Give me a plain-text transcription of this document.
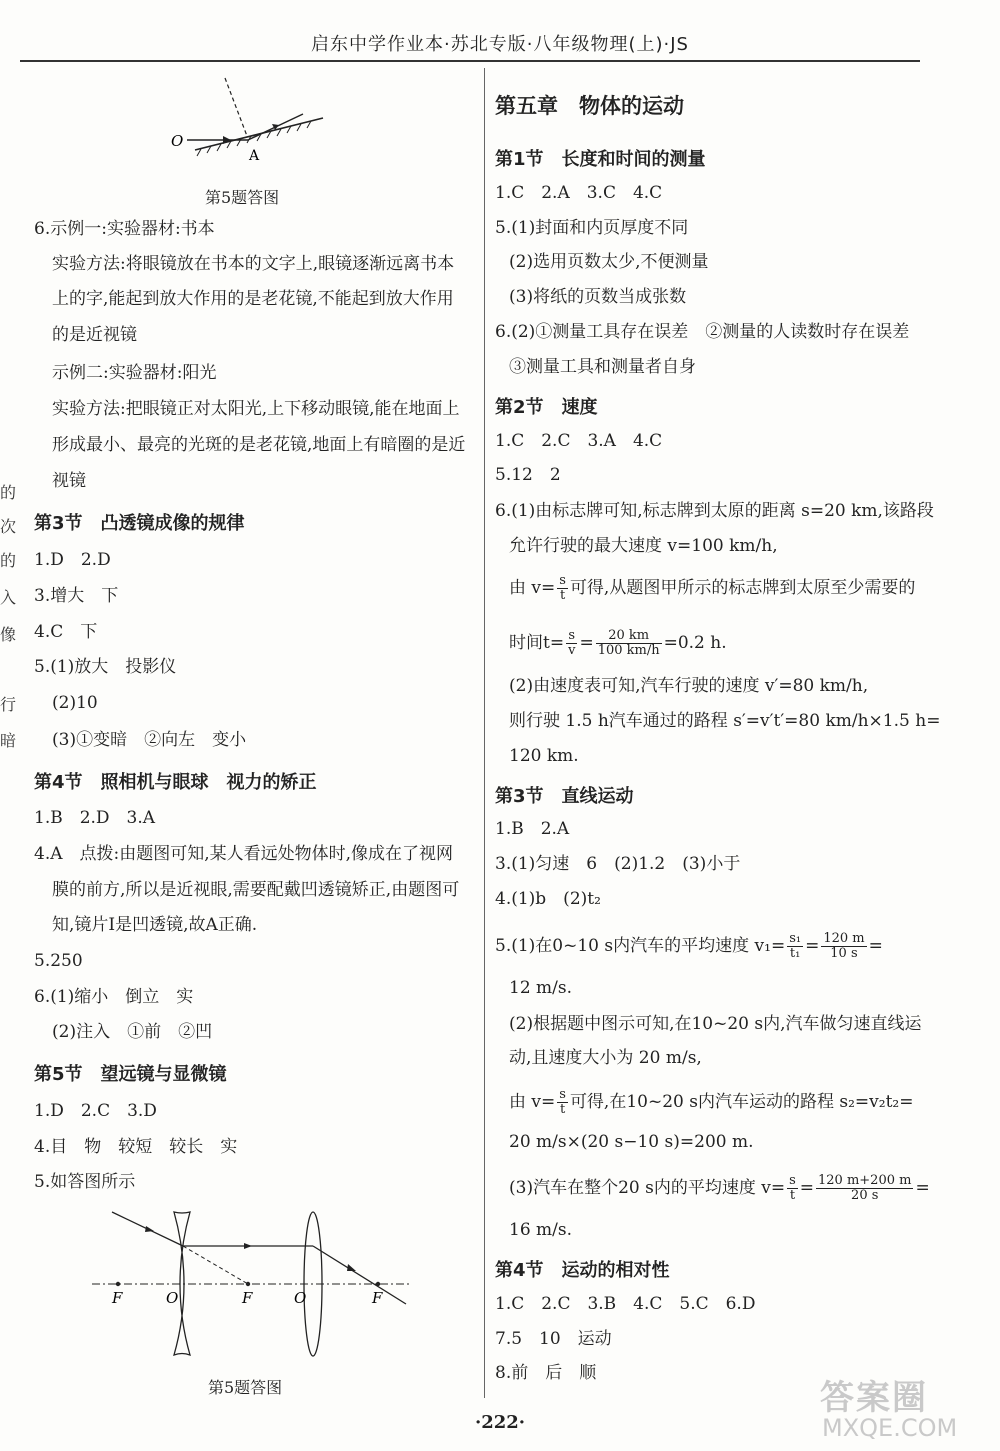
启东中学作业本·苏北专版·八年级物理(上)·JS
的
次
的
入
像
行
暗
O
A
第5题答图
6.示例一:实验器材:书本
实验方法:将眼镜放在书本的文字上,眼镜逐渐远离书本
上的字,能起到放大作用的是老花镜,不能起到放大作用
的是近视镜
示例二:实验器材:阳光
实验方法:把眼镜正对太阳光,上下移动眼镜,能在地面上
形成最小、最亮的光斑的是老花镜,地面上有暗圈的是近
视镜
第3节　凸透镜成像的规律
1.D　2.D
3.增大　下
4.C　下
5.(1)放大　投影仪
(2)10
(3)①变暗　②向左　变小
第4节　照相机与眼球　视力的矫正
1.B　2.D　3.A
4.A　点拨:由题图可知,某人看远处物体时,像成在了视网
膜的前方,所以是近视眼,需要配戴凹透镜矫正,由题图可
知,镜片Ⅰ是凹透镜,故A正确.
5.250
6.(1)缩小　倒立　实
(2)注入　①前　②凹
第5节　望远镜与显微镜
1.D　2.C　3.D
4.目　物　较短　较长　实
5.如答图所示
F	O	F	O	F
第5题答图
第五章　物体的运动
第1节　长度和时间的测量
1.C　2.A　3.C　4.C
5.(1)封面和内页厚度不同
(2)选用页数太少,不便测量
(3)将纸的页数当成张数
6.(2)①测量工具存在误差　②测量的人读数时存在误差
③测量工具和测量者自身
第2节　速度
1.C　2.C　3.A　4.C
5.12　2
6.(1)由标志牌可知,标志牌到太原的距离 s=20 km,该路段
允许行驶的最大速度 v=100 km/h,
由 $v= \frac{s}{t}$ 可得,从题图甲所示的标志牌到太原至少需要的
时间$t= \frac{s}{v} = \frac{20 km}{100 km/h} =0.2$ h.
(2)由速度表可知,汽车行驶的速度 v′=80 km/h,
则行驶 1.5 h汽车通过的路程 s′=v′t′=80 km/h×1.5 h=
120 km.
第3节　直线运动
1.B　2.A
3.(1)匀速　6　(2)1.2　(3)小于
4.(1)b　(2)t₂
5.(1)在0~10 s内汽车的平均速度 $v_1= \frac{\text{s₁}}{\text{t₁}} = \frac{120 m}{10 s}$ =
12 m/s.
(2)根据题中图示可知,在10~20 s内,汽车做匀速直线运
动,且速度大小为 20 m/s,
由 $v= \frac{s}{t}$ 可得,在10~20 s内汽车运动的路程 s₂=v₂t₂=
20 m/s×(20 s−10 s)=200 m.
(3)汽车在整个20 s内的平均速度 $v= \frac{s}{t} = \frac{120 m+200 m}{20 s}$ =
16 m/s.
第4节　运动的相对性
1.C　2.C　3.B　4.C　5.C　6.D
7.5　10　运动
8.前　后　顺
·222·
答案圈
MXQE.COM
